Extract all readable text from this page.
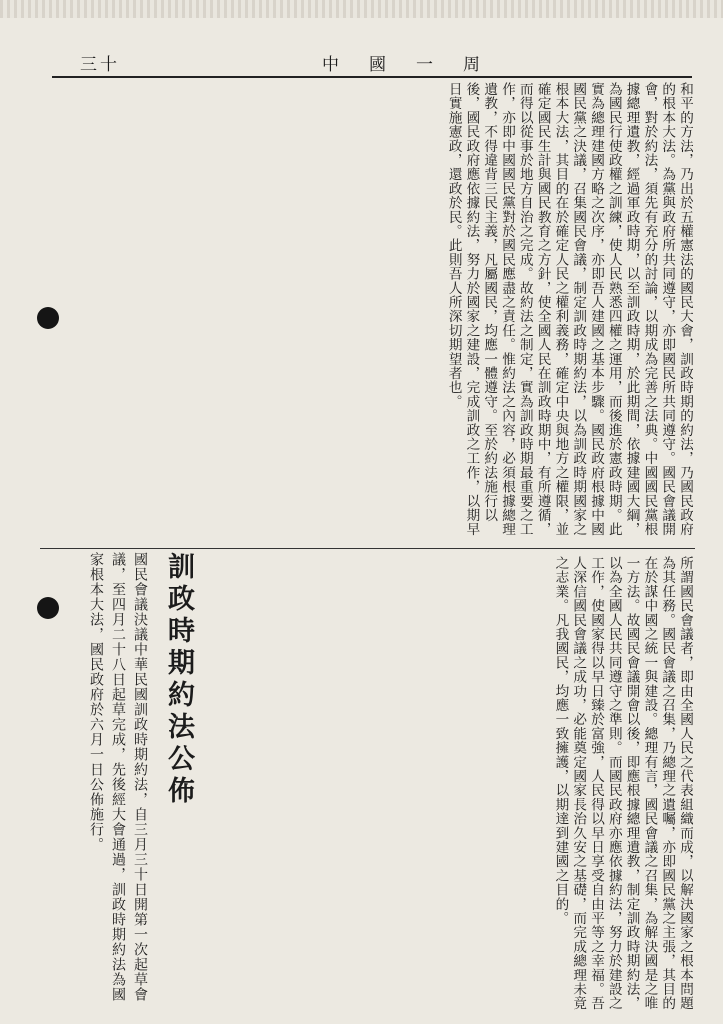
三十	中國一周
和平的方法，乃出於五權憲法的國民大會，訓政時期的約法，乃國民政府的根本大法。為黨與政府所共同遵守，亦即國民所共同遵守。國民會議開會，對於約法，須先有充分的討論，以期成為完善之法典。中國國民黨根據總理遺教，經過軍政時期，以至訓政時期，於此期間，依據建國大綱，為國民行使政權之訓練，使人民熟悉四權之運用，而後進於憲政時期。此實為總理建國方略之次序，亦即吾人建國之基本步驟。國民政府根據中國國民黨之決議，召集國民會議，制定訓政時期約法，以為訓政時期國家之根本大法，其目的在於確定人民之權利義務，確定中央與地方之權限，並確定國民生計與國民教育之方針，使全國人民在訓政時期中，有所遵循，而得以從事於地方自治之完成。故約法之制定，實為訓政時期最重要之工作，亦即中國國民黨對於國民應盡之責任。惟約法之內容，必須根據總理遺教，不得違背三民主義，凡屬國民，均應一體遵守。至於約法施行以後，國民政府應依據約法，努力於國家之建設，完成訓政之工作，以期早日實施憲政，還政於民。此則吾人所深切期望者也。
所謂國民會議者，即由全國人民之代表組織而成，以解決國家之根本問題為其任務。國民會議之召集，乃總理之遺囑，亦即國民黨之主張，其目的在於謀中國之統一與建設。總理有言，國民會議之召集，為解決國是之唯一方法。故國民會議開會以後，即應根據總理遺教，制定訓政時期約法，以為全國人民共同遵守之準則。而國民政府亦應依據約法，努力於建設之工作，使國家得以早日臻於富強，人民得以早日享受自由平等之幸福。吾人深信國民會議之成功，必能奠定國家長治久安之基礎，而完成總理未竟之志業。凡我國民，均應一致擁護，以期達到建國之目的。
訓政時期約法公佈
國民會議決議中華民國訓政時期約法，自三月三十日開第一次起草會議，至四月二十八日起草完成，先後經大會通過，訓政時期約法為國家根本大法，國民政府於六月一日公佈施行。
